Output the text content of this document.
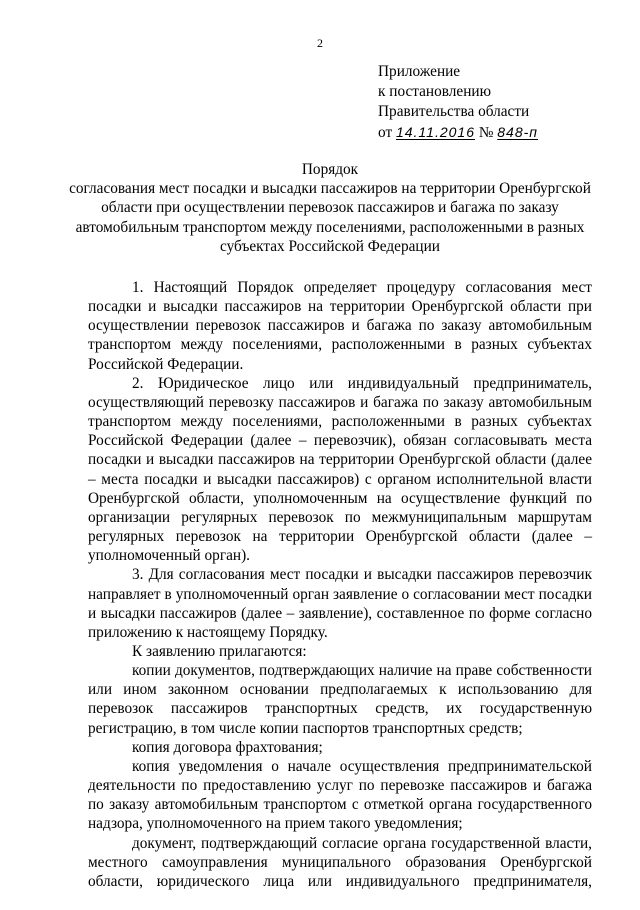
2
Приложение
к постановлению
Правительства области
от 14.11.2016 № 848-п
Порядок
согласования мест посадки и высадки пассажиров на территории Оренбургской области при осуществлении перевозок пассажиров и багажа по заказу автомобильным транспортом между поселениями, расположенными в разных субъектах Российской Федерации

1. Настоящий Порядок определяет процедуру согласования мест посадки и высадки пассажиров на территории Оренбургской области при осуществлении перевозок пассажиров и багажа по заказу автомобильным транспортом между поселениями, расположенными в разных субъектах Российской Федерации.

2. Юридическое лицо или индивидуальный предприниматель, осуществляющий перевозку пассажиров и багажа по заказу автомобильным транспортом между поселениями, расположенными в разных субъектах Российской Федерации (далее – перевозчик), обязан согласовывать места посадки и высадки пассажиров на территории Оренбургской области (далее – места посадки и высадки пассажиров) с органом исполнительной власти Оренбургской области, уполномоченным на осуществление функций по организации регулярных перевозок по межмуниципальным маршрутам регулярных перевозок на территории Оренбургской области (далее – уполномоченный орган).

3. Для согласования мест посадки и высадки пассажиров перевозчик направляет в уполномоченный орган заявление о согласовании мест посадки и высадки пассажиров (далее – заявление), составленное по форме согласно приложению к настоящему Порядку.

К заявлению прилагаются:

копии документов, подтверждающих наличие на праве собственности или ином законном основании предполагаемых к использованию для перевозок пассажиров транспортных средств, их государственную регистрацию, в том числе копии паспортов транспортных средств;

копия договора фрахтования;

копия уведомления о начале осуществления предпринимательской деятельности по предоставлению услуг по перевозке пассажиров и багажа по заказу автомобильным транспортом с отметкой органа государственного надзора, уполномоченного на прием такого уведомления;

документ, подтверждающий согласие органа государственной власти, местного самоуправления муниципального образования Оренбургской области, юридического лица или индивидуального предпринимателя,
